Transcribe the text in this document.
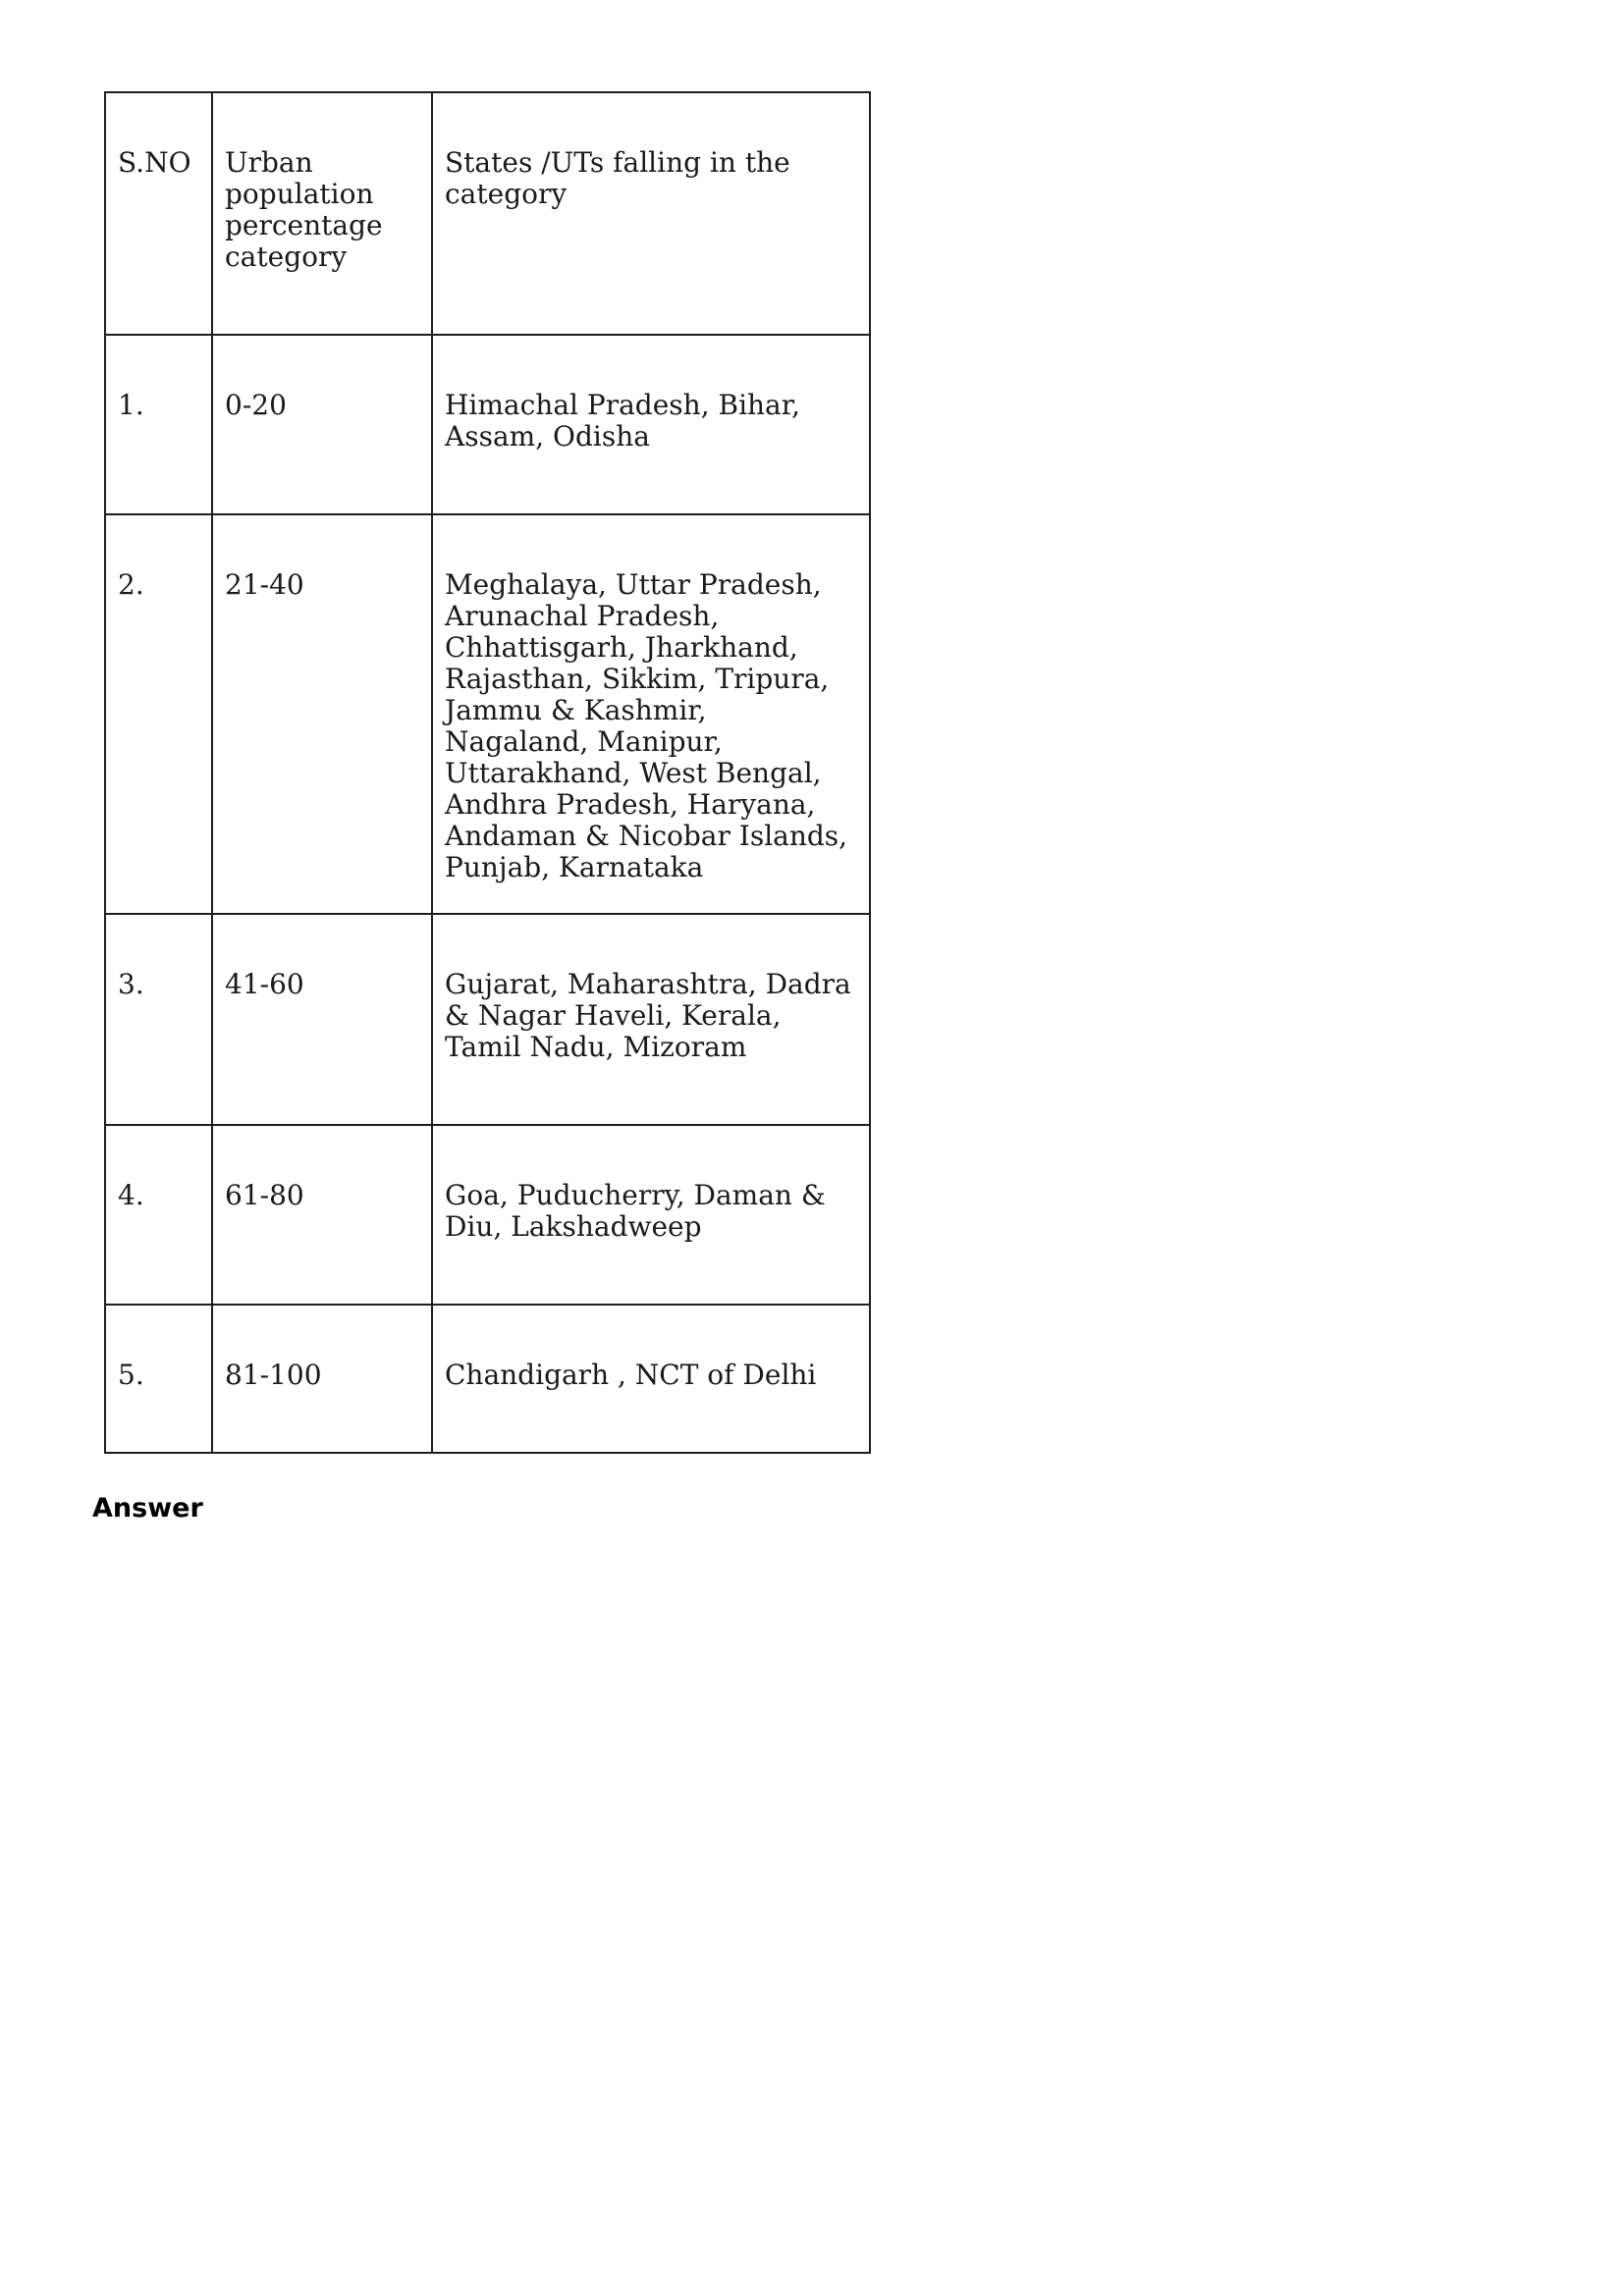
S.NO	Urban population percentage category	States /UTs falling in the category
1.	0-20	Himachal Pradesh, Bihar, Assam, Odisha
2.	21-40	Meghalaya, Uttar Pradesh, Arunachal Pradesh, Chhattisgarh, Jharkhand, Rajasthan, Sikkim, Tripura, Jammu & Kashmir, Nagaland, Manipur, Uttarakhand, West Bengal, Andhra Pradesh, Haryana, Andaman & Nicobar Islands, Punjab, Karnataka
3.	41-60	Gujarat, Maharashtra, Dadra & Nagar Haveli, Kerala, Tamil Nadu, Mizoram
4.	61-80	Goa, Puducherry, Daman & Diu, Lakshadweep
5.	81-100	Chandigarh , NCT of Delhi
Answer
